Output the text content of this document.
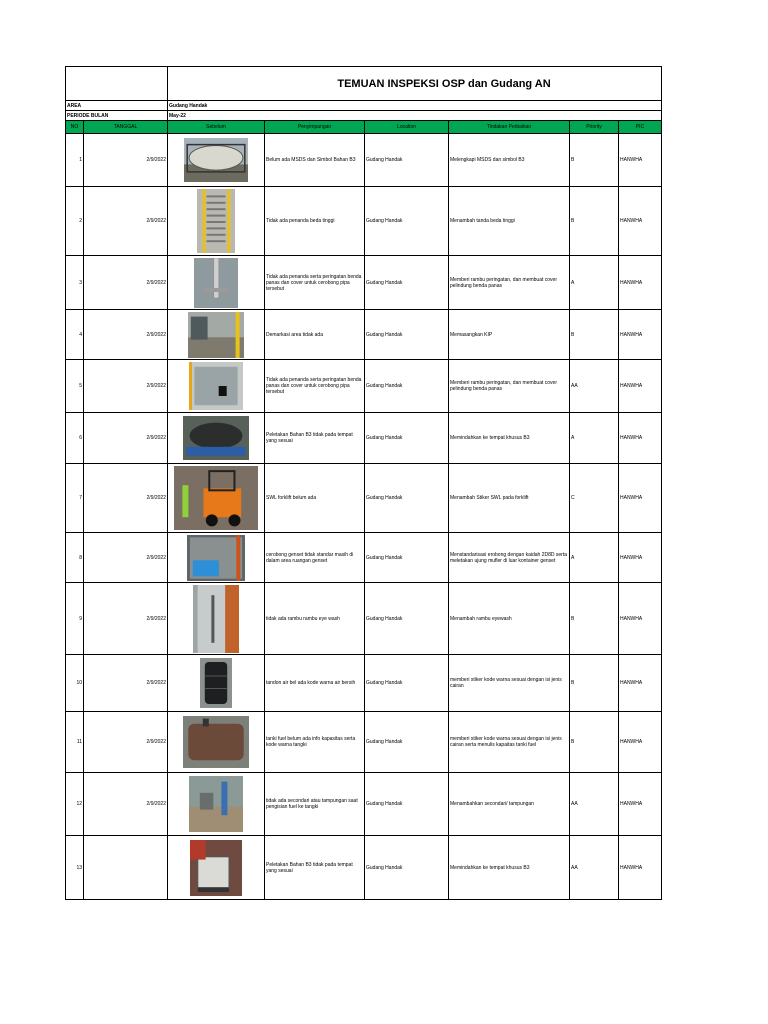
		TEMUAN INSPEKSI OSP dan Gudang AN					
AREA		Gudang Handak					
PERIODE BULAN		May-22					
NO	TANGGAL	Sebelum	Penyimpangan	Location	Tindakan Perbaikan	Priority	PIC
1	2/9/2022		Belum ada MSDS dan Simbol Bahan B3	Gudang Handak	Melengkapi MSDS dan simbol B3	B	HANWHA
2	2/9/2022		Tidak ada penanda beda tinggi	Gudang Handak	Menambah tanda beda tinggi	B	HANWHA
3	2/9/2022		Tidak ada penanda serta peringatan benda panas dan cover untuk cerobong pipa tersebut	Gudang Handak	Memberi rambu peringatan, dan membuat cover pelindung benda panas	A	HANWHA
4	2/9/2022		Demarkasi area tidak ada	Gudang Handak	Memasangkan KIP	B	HANWHA
5	2/9/2022		Tidak ada penanda serta peringatan benda panas dan cover untuk cerobong pipa tersebut	Gudang Handak	Memberi rambu peringatan, dan membuat cover pelindung benda panas	AA	HANWHA
6	2/9/2022		Peletakan Bahan B3 tidak pada tempat yang sesuai	Gudang Handak	Memindahkan ke tempat khusus B3	A	HANWHA
7	2/9/2022		SWL forklift belum ada	Gudang Handak	Menambah Stiker SWL pada forklift	C	HANWHA
8	2/9/2022		cerobong genset tidak standar masih di dalam area ruangan genset	Gudang Handak	Menstandarisasi erobong dengan kaidah 2D8D serta meletakan ujung mufler di luar kontainer genset	A	HANWHA
9	2/9/2022		tidak ada rambu rambu eye wash	Gudang Handak	Menambah rambu eyewash	B	HANWHA
10	2/9/2022		tandon air bel ada kode warna air bersih	Gudang Handak	memberi stiker kode warna sesuai dengan isi jenis cairan	B	HANWHA
11	2/9/2022		tanki fuel belum ada info kapasitas serta kode warna tangki	Gudang Handak	memberi stiker kode warna sesuai dengan isi jenis cairan serta menulis kapaitas tanki fuel	B	HANWHA
12	2/9/2022		tidak ada secondari atau tampungan saat pengisian fuel ke tangki	Gudang Handak	Menambahkan secondari/ tampungan	AA	HANWHA
13			Peletakan Bahan B3 tidak pada tempat yang sesuai	Gudang Handak	Memindahkan ke tempat khusus B3	AA	HANWHA
